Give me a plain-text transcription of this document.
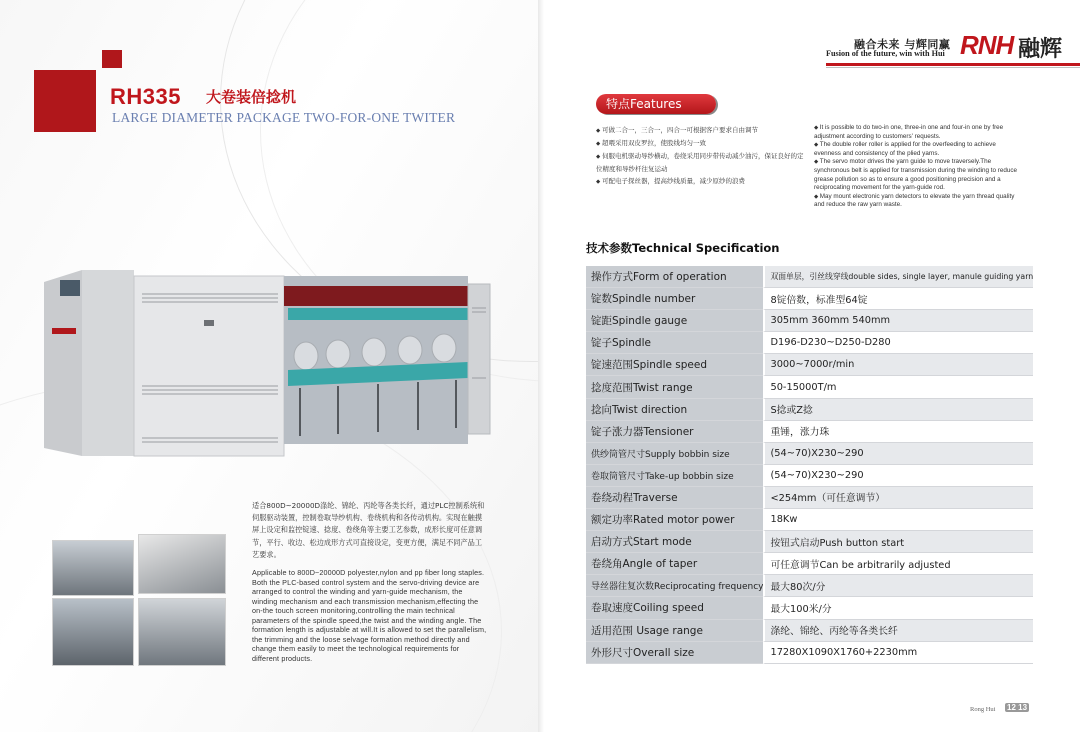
RH335 大卷装倍捻机
LARGE DIAMETER PACKAGE TWO-FOR-ONE TWITER

适合800D~20000D涤纶、锦纶、丙纶等各类长纤，通过PLC控制系统和伺服驱动装置，控制卷取导纱机构、卷绕机构和各传动机构。实现在触摸屏上设定和监控锭速、捻度、卷绕角等主要工艺参数，成形长度可任意调节，平行、收边、松边成形方式可直接设定，变更方便，满足不同产品工艺要求。

Applicable to 800D~20000D polyester,nylon and pp fiber long staples. Both the PLC-based control system and the servo-driving device are arranged to control the winding and yarn-guide mechanism, the winding mechanism and each transmission mechanism,effecting the on-the touch screen monitoring,controlling the main technical parameters of the spindle speed,the twist and the winding angle. The formation length is adjustable at will.It is allowed to set the parallelism, the trimming and the loose selvage formation method directly and change them easily to meet the technological requirements for different products.

融合未来 与辉同赢
Fusion of the future, win with Hui RNH 融辉
特点Features
◆ 可做二合一，三合一，四合一可根据客户要求自由调节
◆ 超喂采用双皮罗拉，使股线均匀一致
◆ 伺服电机驱动导纱横动，卷绕采用同步带传动减少油污，保证良好的定位精度和导纱杆往复运动
◆ 可配电子探丝器，提高纱线质量，减少原纱的浪费
◆ It is possible to do two-in one, three-in one and four-in one by free adjustment according to customers' requests.
◆ The double roller roller is applied for the overfeeding to achieve evenness and consistency of the plied yarns.
◆ The servo motor drives the yarn guide to move traversely.The synchronous belt is applied for transmission during the winding to reduce grease pollution so as to ensure a good positioning precision and a reciprocating movement for the yarn-guide rod.
◆ May mount electronic yarn detectors to elevate the yarn thread quality and reduce the raw yarn waste.
技术参数Technical Specification
操作方式Form of operation	双面单层，引丝线穿线double sides, single layer, manule guiding yarn
锭数Spindle number	8锭倍数，标准型64锭
锭距Spindle gauge	305mm 360mm 540mm
锭子Spindle	D196-D230~D250-D280
锭速范围Spindle speed	3000~7000r/min
捻度范围Twist range	50-15000T/m
捻向Twist direction	S捻或Z捻
锭子涨力器Tensioner	重锤，涨力珠
供纱筒管尺寸Supply bobbin size	(54~70)X230~290
卷取筒管尺寸Take-up bobbin size	(54~70)X230~290
卷绕动程Traverse	<254mm（可任意调节）
额定功率Rated motor power	18Kw
启动方式Start mode	按钮式启动Push button start
卷绕角Angle of taper	可任意调节Can be arbitrarily adjusted
导丝器往复次数Reciprocating frequency	最大80次/分
卷取速度Coiling speed	最大100米/分
适用范围 Usage range	涤纶、锦纶、丙纶等各类长纤
外形尺寸Overall size	17280X1090X1760+2230mm
Rong Hui 12 13
